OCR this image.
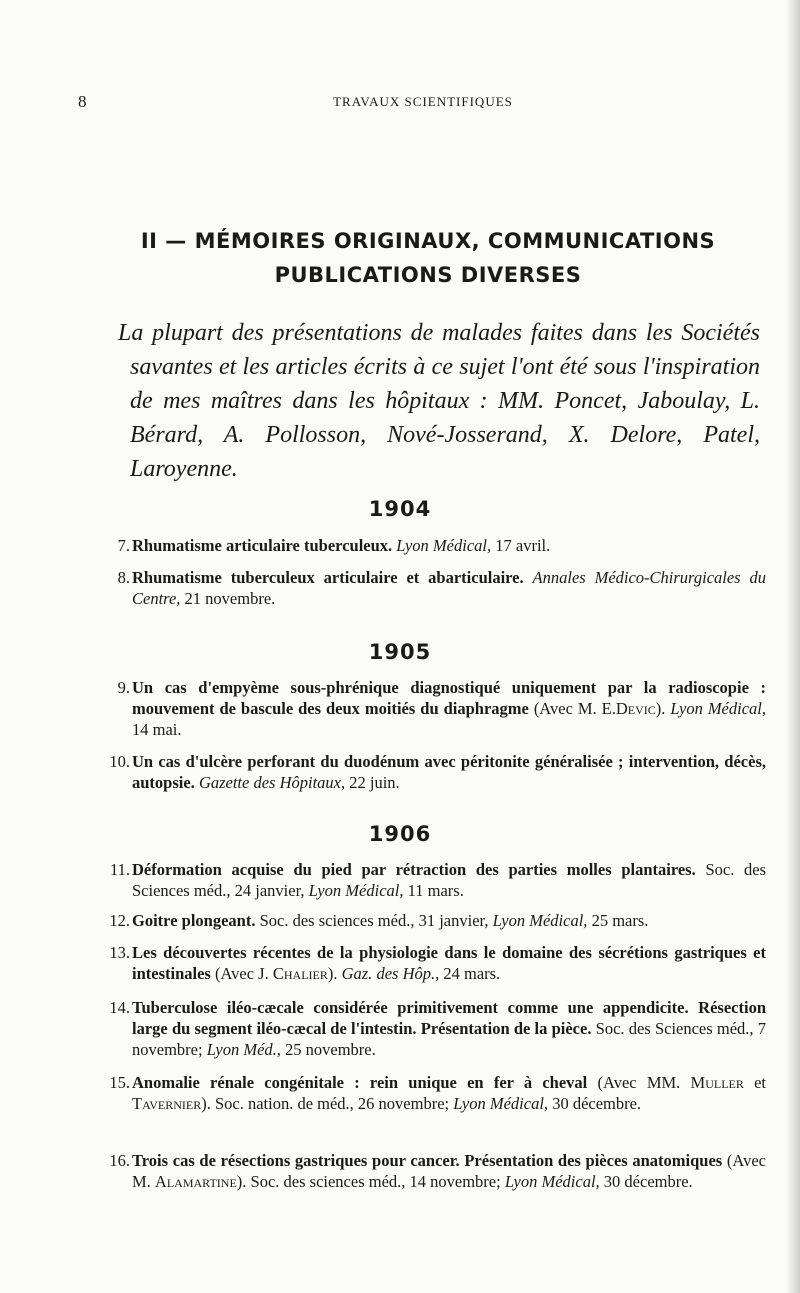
8	TRAVAUX SCIENTIFIQUES
II — MÉMOIRES ORIGINAUX, COMMUNICATIONS
PUBLICATIONS DIVERSES
La plupart des présentations de malades faites dans les Sociétés savantes et les articles écrits à ce sujet l'ont été sous l'inspiration de mes maîtres dans les hôpitaux : MM. Poncet, Jaboulay, L. Bérard, A. Pollosson, Nové-Josserand, X. Delore, Patel, Laroyenne.
1904
7. Rhumatisme articulaire tuberculeux. Lyon Médical, 17 avril.
8. Rhumatisme tuberculeux articulaire et abarticulaire. Annales Médico-Chirurgicales du Centre, 21 novembre.
1905
9. Un cas d'empyème sous-phrénique diagnostiqué uniquement par la radioscopie : mouvement de bascule des deux moitiés du diaphragme (Avec M. E.Devic). Lyon Médical, 14 mai.
10. Un cas d'ulcère perforant du duodénum avec péritonite généralisée ; intervention, décès, autopsie. Gazette des Hôpitaux, 22 juin.
1906
11. Déformation acquise du pied par rétraction des parties molles plantaires. Soc. des Sciences méd., 24 janvier, Lyon Médical, 11 mars.
12. Goitre plongeant. Soc. des sciences méd., 31 janvier, Lyon Médical, 25 mars.
13. Les découvertes récentes de la physiologie dans le domaine des sécrétions gastriques et intestinales (Avec J. Chalier). Gaz. des Hôp., 24 mars.
14. Tuberculose iléo-cæcale considérée primitivement comme une appendicite. Résection large du segment iléo-cæcal de l'intestin. Présentation de la pièce. Soc. des Sciences méd., 7 novembre; Lyon Méd., 25 novembre.
15. Anomalie rénale congénitale : rein unique en fer à cheval (Avec MM. Muller et Tavernier). Soc. nation. de méd., 26 novembre; Lyon Médical, 30 décembre.
16. Trois cas de résections gastriques pour cancer. Présentation des pièces anatomiques (Avec M. Alamartine). Soc. des sciences méd., 14 novembre; Lyon Médical, 30 décembre.
